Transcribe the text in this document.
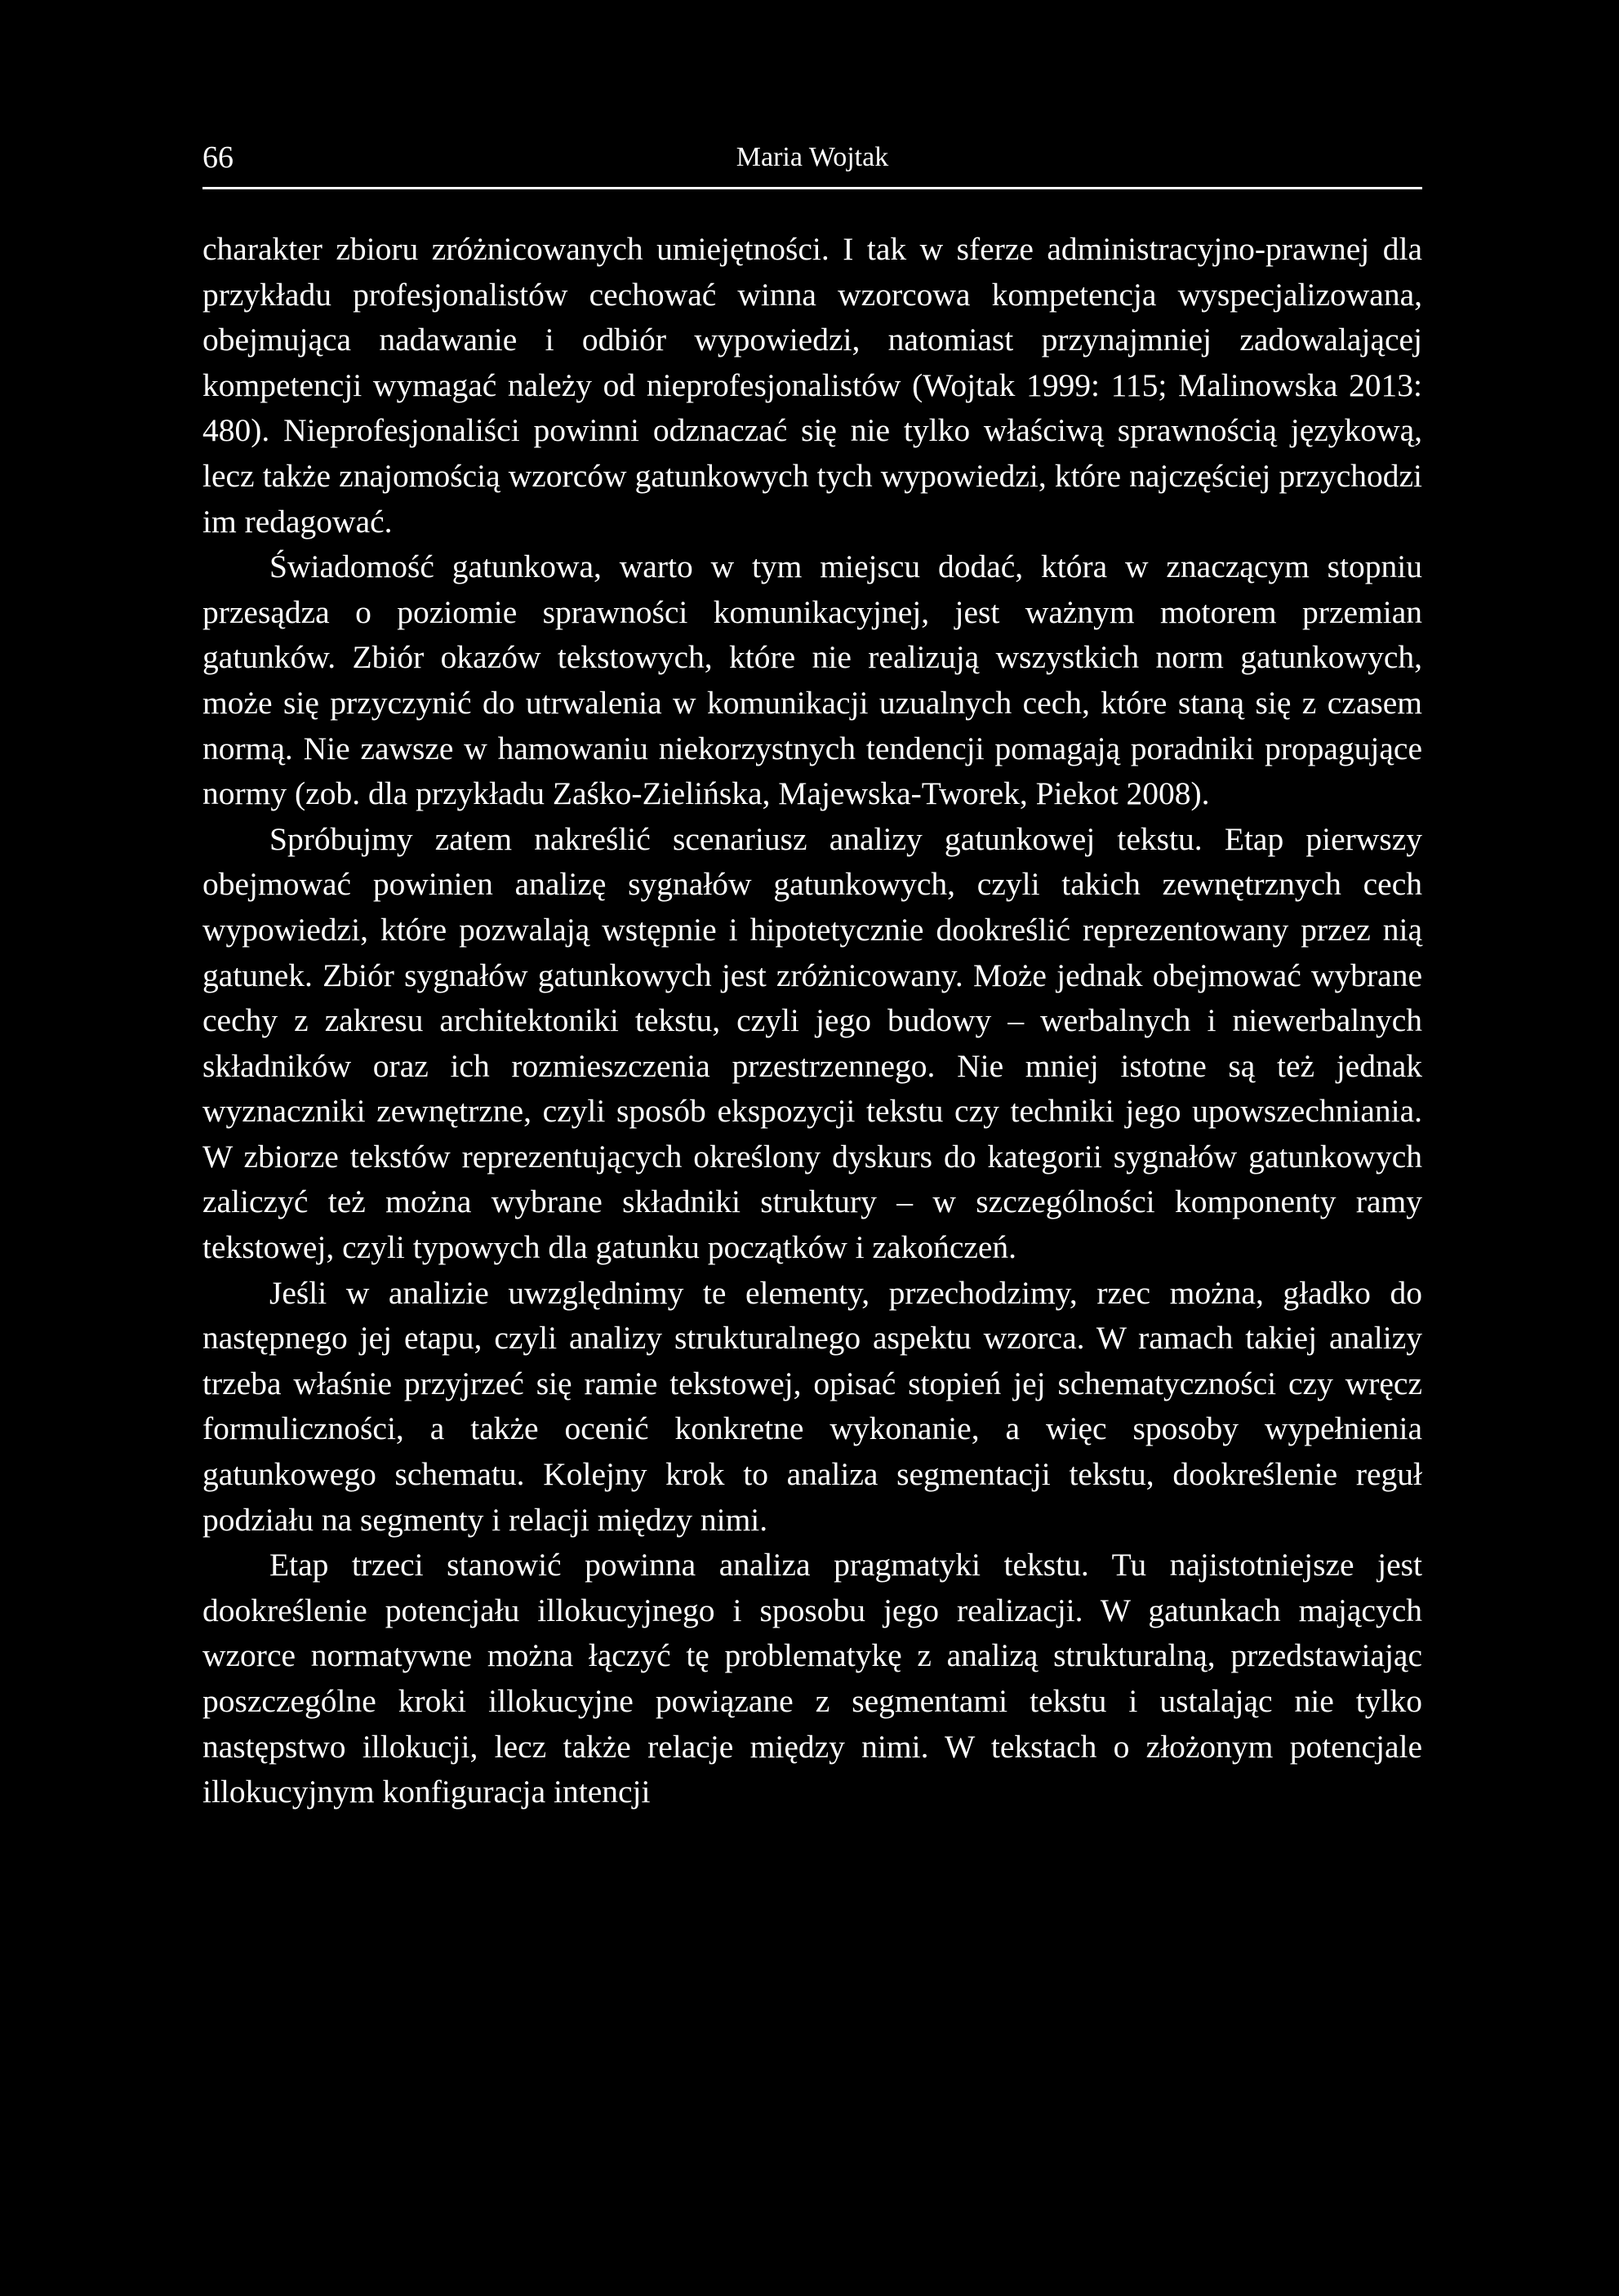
66	Maria Wojtak

charakter zbioru zróżnicowanych umiejętności. I tak w sferze administracyjno-prawnej dla przykładu profesjonalistów cechować winna wzorcowa kompetencja wyspecjalizowana, obejmująca nadawanie i odbiór wypowiedzi, natomiast przynajmniej zadowalającej kompetencji wymagać należy od nieprofesjonalistów (Wojtak 1999: 115; Malinowska 2013: 480). Nieprofesjonaliści powinni odznaczać się nie tylko właściwą sprawnością językową, lecz także znajomością wzorców gatunkowych tych wypowiedzi, które najczęściej przychodzi im redagować.

Świadomość gatunkowa, warto w tym miejscu dodać, która w znaczącym stopniu przesądza o poziomie sprawności komunikacyjnej, jest ważnym motorem przemian gatunków. Zbiór okazów tekstowych, które nie realizują wszystkich norm gatunkowych, może się przyczynić do utrwalenia w komunikacji uzualnych cech, które staną się z czasem normą. Nie zawsze w hamowaniu niekorzystnych tendencji pomagają poradniki propagujące normy (zob. dla przykładu Zaśko-Zielińska, Majewska-Tworek, Piekot 2008).

Spróbujmy zatem nakreślić scenariusz analizy gatunkowej tekstu. Etap pierwszy obejmować powinien analizę sygnałów gatunkowych, czyli takich zewnętrznych cech wypowiedzi, które pozwalają wstępnie i hipotetycznie dookreślić reprezentowany przez nią gatunek. Zbiór sygnałów gatunkowych jest zróżnicowany. Może jednak obejmować wybrane cechy z zakresu architektoniki tekstu, czyli jego budowy – werbalnych i niewerbalnych składników oraz ich rozmieszczenia przestrzennego. Nie mniej istotne są też jednak wyznaczniki zewnętrzne, czyli sposób ekspozycji tekstu czy techniki jego upowszechniania. W zbiorze tekstów reprezentujących określony dyskurs do kategorii sygnałów gatunkowych zaliczyć też można wybrane składniki struktury – w szczególności komponenty ramy tekstowej, czyli typowych dla gatunku początków i zakończeń.

Jeśli w analizie uwzględnimy te elementy, przechodzimy, rzec można, gładko do następnego jej etapu, czyli analizy strukturalnego aspektu wzorca. W ramach takiej analizy trzeba właśnie przyjrzeć się ramie tekstowej, opisać stopień jej schematyczności czy wręcz formuliczności, a także ocenić konkretne wykonanie, a więc sposoby wypełnienia gatunkowego schematu. Kolejny krok to analiza segmentacji tekstu, dookreślenie reguł podziału na segmenty i relacji między nimi.

Etap trzeci stanowić powinna analiza pragmatyki tekstu. Tu najistotniejsze jest dookreślenie potencjału illokucyjnego i sposobu jego realizacji. W gatunkach mających wzorce normatywne można łączyć tę problematykę z analizą strukturalną, przedstawiając poszczególne kroki illokucyjne powiązane z segmentami tekstu i ustalając nie tylko następstwo illokucji, lecz także relacje między nimi. W tekstach o złożonym potencjale illokucyjnym konfiguracja intencji
